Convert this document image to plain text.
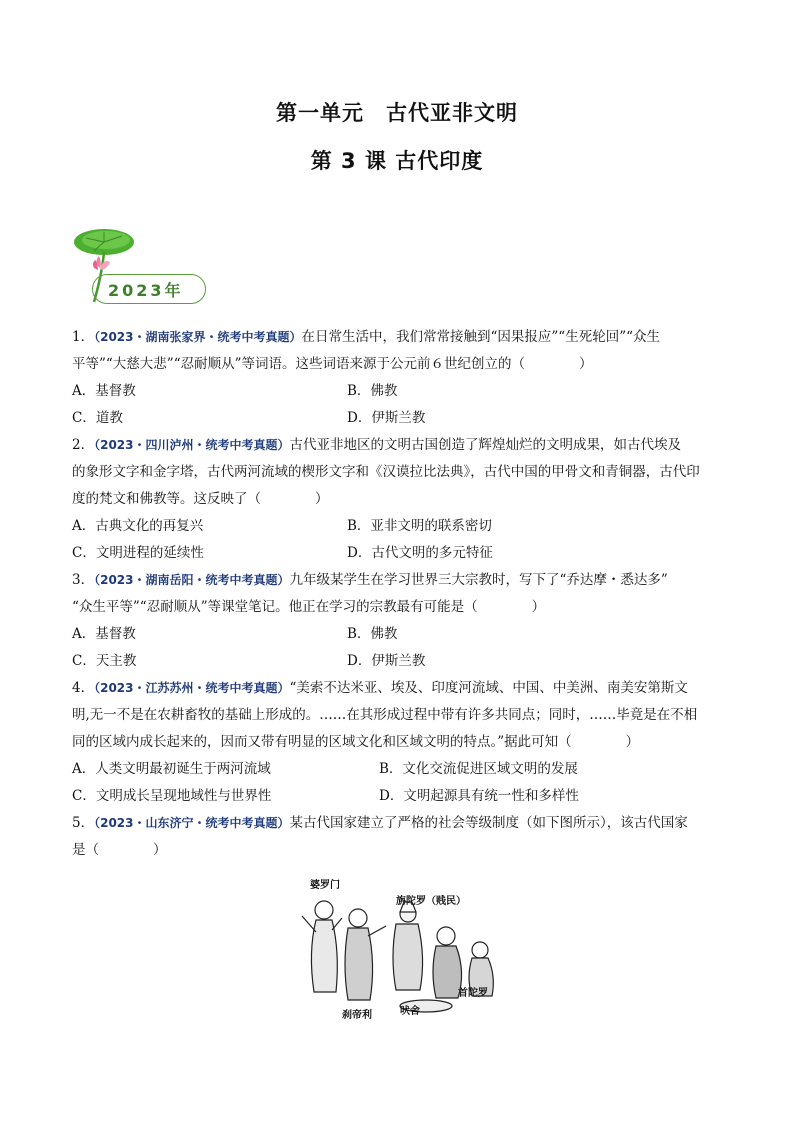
第一单元　古代亚非文明
第 3 课 古代印度
2023年
1．（2023・湖南张家界・统考中考真题）在日常生活中，我们常常接触到“因果报应”“生死轮回”“众生
平等”“大慈大悲”“忍耐顺从”等词语。这些词语来源于公元前６世纪创立的（　　　　）
A．基督教	B．佛教
C．道教	D．伊斯兰教
2．（2023・四川泸州・统考中考真题）古代亚非地区的文明古国创造了辉煌灿烂的文明成果，如古代埃及
的象形文字和金字塔，古代两河流域的楔形文字和《汉谟拉比法典》，古代中国的甲骨文和青铜器，古代印
度的梵文和佛教等。这反映了（　　　　）
A．古典文化的再复兴	B．亚非文明的联系密切
C．文明进程的延续性	D．古代文明的多元特征
3．（2023・湖南岳阳・统考中考真题）九年级某学生在学习世界三大宗教时，写下了“乔达摩・悉达多”
“众生平等”“忍耐顺从”等课堂笔记。他正在学习的宗教最有可能是（　　　　）
A．基督教	B．佛教
C．天主教	D．伊斯兰教
4．（2023・江苏苏州・统考中考真题）“美索不达米亚、埃及、印度河流域、中国、中美洲、南美安第斯文
明,无一不是在农耕畜牧的基础上形成的。……在其形成过程中带有许多共同点；同时，……毕竟是在不相
同的区域内成长起来的，因而又带有明显的区域文化和区域文明的特点。”据此可知（　　　　）
A．人类文明最初诞生于两河流域	B．文化交流促进区域文明的发展
C．文明成长呈现地域性与世界性	D．文明起源具有统一性和多样性
5．（2023・山东济宁・统考中考真题）某古代国家建立了严格的社会等级制度（如下图所示），该古代国家
是（　　　　）
婆罗门
旃陀罗（贱民）
刹帝利	吠舍
首陀罗
